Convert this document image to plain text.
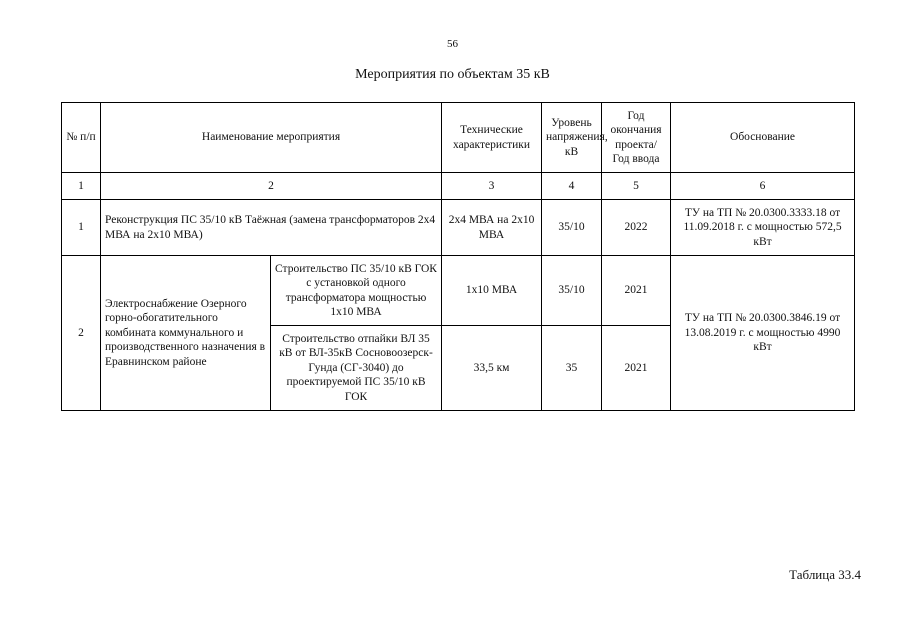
56
Мероприятия по объектам 35 кВ
№ п/п	Наименование мероприятия		Технические характеристики	Уровень напряжения, кВ	Год окончания проекта/ Год ввода	Обоснование
1	2		3	4	5	6
1	Реконструкция ПС 35/10 кВ Таёжная (замена трансформаторов 2х4 МВА на 2х10 МВА)		2х4 МВА на 2х10 МВА	35/10	2022	ТУ на ТП № 20.0300.3333.18 от 11.09.2018 г. с мощностью 572,5 кВт
2	Электроснабжение Озерного горно-обогатительного комбината коммунального и производственного назначения в Еравнинском районе	Строительство ПС 35/10 кВ ГОК с установкой одного трансформатора мощностью 1х10 МВА	1х10 МВА	35/10	2021	ТУ на ТП № 20.0300.3846.19 от 13.08.2019 г. с мощностью 4990 кВт
		Строительство отпайки ВЛ 35 кВ от ВЛ-35кВ Сосновоозерск-Гунда (СГ-3040) до проектируемой ПС 35/10 кВ ГОК	33,5 км	35	2021	
Таблица 33.4
